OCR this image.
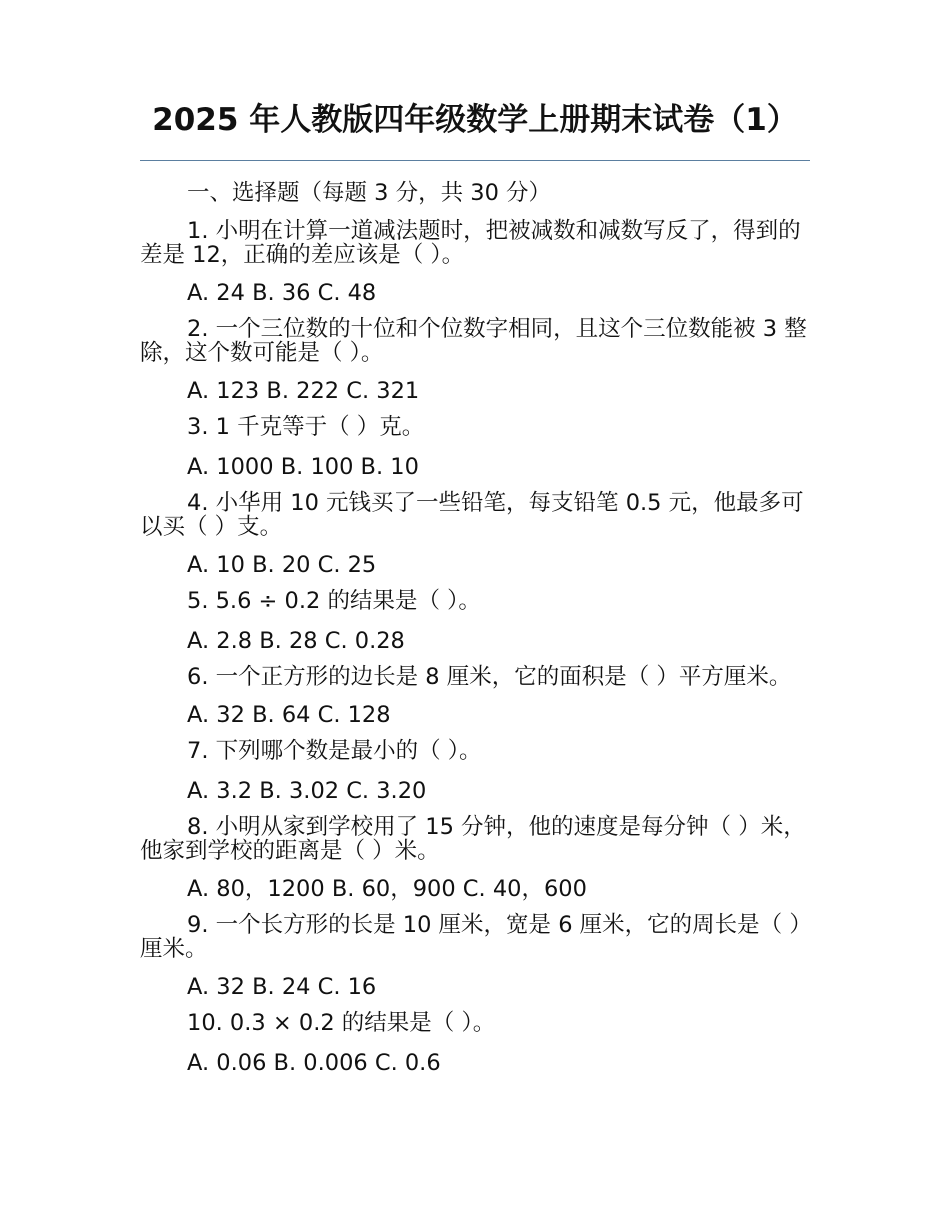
2025 年人教版四年级数学上册期末试卷（1）

一、选择题（每题 3 分，共 30 分）

1. 小明在计算一道减法题时，把被减数和减数写反了，得到的差是 12，正确的差应该是（ ）。

A. 24 B. 36 C. 48

2. 一个三位数的十位和个位数字相同，且这个三位数能被 3 整除，这个数可能是（ ）。

A. 123 B. 222 C. 321

3. 1 千克等于（ ）克。

A. 1000 B. 100 B. 10

4. 小华用 10 元钱买了一些铅笔，每支铅笔 0.5 元，他最多可以买（ ）支。

A. 10 B. 20 C. 25

5. 5.6 ÷ 0.2 的结果是（ ）。

A. 2.8 B. 28 C. 0.28

6. 一个正方形的边长是 8 厘米，它的面积是（ ）平方厘米。

A. 32 B. 64 C. 128

7. 下列哪个数是最小的（ ）。

A. 3.2 B. 3.02 C. 3.20

8. 小明从家到学校用了 15 分钟，他的速度是每分钟（ ）米，他家到学校的距离是（ ）米。

A. 80，1200 B. 60，900 C. 40，600

9. 一个长方形的长是 10 厘米，宽是 6 厘米，它的周长是（ ）厘米。

A. 32 B. 24 C. 16

10. 0.3 × 0.2 的结果是（ ）。

A. 0.06 B. 0.006 C. 0.6
